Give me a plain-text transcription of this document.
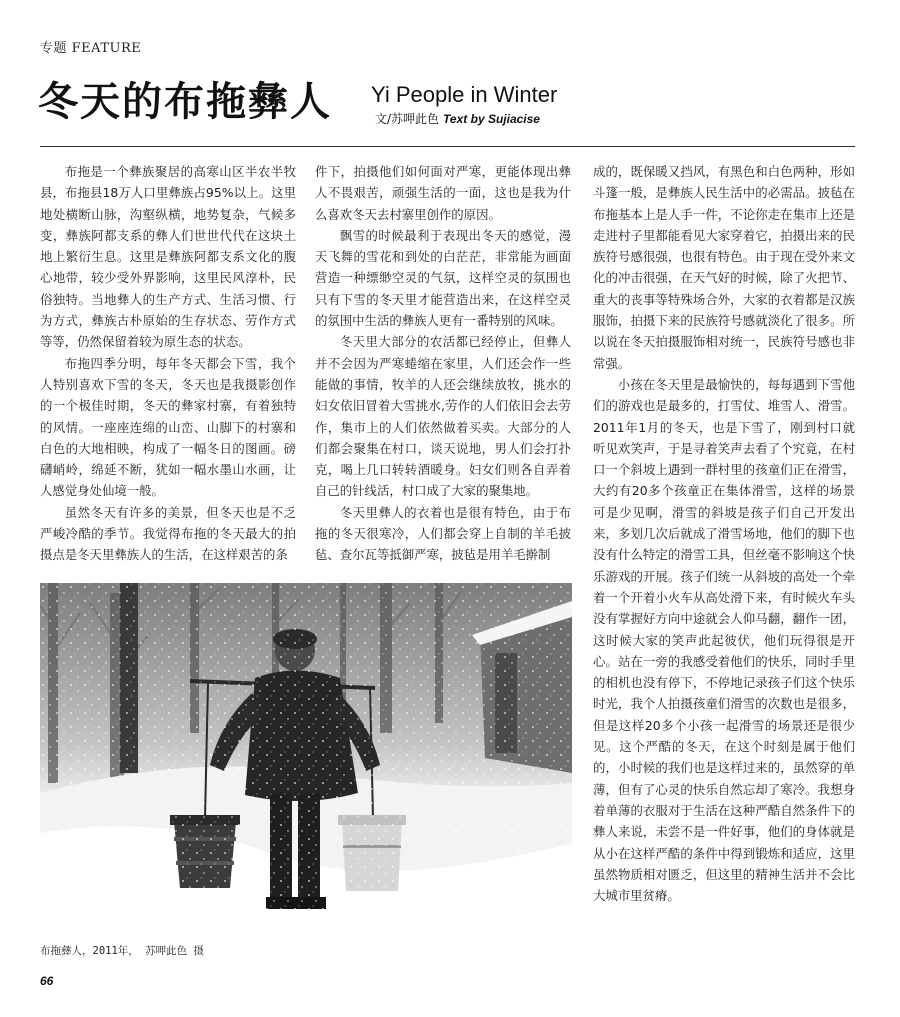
专题 FEATURE
冬天的布拖彝人 Yi People in Winter
文/苏呷此色 Text by Sujiacise

布拖是一个彝族聚居的高寒山区半农半牧县，布拖县18万人口里彝族占95%以上。这里地处横断山脉，沟壑纵横，地势复杂，气候多变，彝族阿都支系的彝人们世世代代在这块土地上繁衍生息。这里是彝族阿都支系文化的腹心地带，较少受外界影响，这里民风淳朴，民俗独特。当地彝人的生产方式、生活习惯、行为方式，彝族古朴原始的生存状态、劳作方式等等，仍然保留着较为原生态的状态。

布拖四季分明，每年冬天都会下雪，我个人特别喜欢下雪的冬天，冬天也是我摄影创作的一个极佳时期，冬天的彝家村寨，有着独特的风情。一座座连绵的山峦、山脚下的村寨和白色的大地相映，构成了一幅冬日的图画。磅礴峭岭，绵延不断，犹如一幅水墨山水画，让人感觉身处仙境一般。

虽然冬天有许多的美景，但冬天也是不乏严峻冷酷的季节。我觉得布拖的冬天最大的拍摄点是冬天里彝族人的生活，在这样艰苦的条

件下，拍摄他们如何面对严寒，更能体现出彝人不畏艰苦，顽强生活的一面，这也是我为什么喜欢冬天去村寨里创作的原因。

飘雪的时候最利于表现出冬天的感觉，漫天飞舞的雪花和到处的白茫茫，非常能为画面营造一种缥缈空灵的气氛，这样空灵的氛围也只有下雪的冬天里才能营造出来，在这样空灵的氛围中生活的彝族人更有一番特别的风味。

冬天里大部分的农活都已经停止，但彝人并不会因为严寒蜷缩在家里，人们还会作一些能做的事情，牧羊的人还会继续放牧，挑水的妇女依旧冒着大雪挑水,劳作的人们依旧会去劳作，集市上的人们依然做着买卖。大部分的人们都会聚集在村口，谈天说地，男人们会打扑克，喝上几口转转酒暖身。妇女们则各自弄着自己的针线活，村口成了大家的聚集地。

冬天里彝人的衣着也是很有特色，由于布拖的冬天很寒冷，人们都会穿上自制的羊毛披毡、查尔瓦等抵御严寒，披毡是用羊毛擀制

成的，既保暖又挡风，有黑色和白色两种，形如斗篷一般，是彝族人民生活中的必需品。披毡在布拖基本上是人手一件，不论你走在集市上还是走进村子里都能看见大家穿着它，拍摄出来的民族符号感很强，也很有特色。由于现在受外来文化的冲击很强，在天气好的时候，除了火把节、重大的丧事等特殊场合外，大家的衣着都是汉族服饰，拍摄下来的民族符号感就淡化了很多。所以说在冬天拍摄服饰相对统一，民族符号感也非常强。

小孩在冬天里是最愉快的，每每遇到下雪他们的游戏也是最多的，打雪仗、堆雪人、滑雪。2011年1月的冬天，也是下雪了，刚到村口就听见欢笑声，于是寻着笑声去看了个究竟，在村口一个斜坡上遇到一群村里的孩童们正在滑雪，大约有20多个孩童正在集体滑雪，这样的场景可是少见啊，滑雪的斜坡是孩子们自己开发出来，多划几次后就成了滑雪场地，他们的脚下也没有什么特定的滑雪工具，但丝毫不影响这个快乐游戏的开展。孩子们统一从斜坡的高处一个牵着一个开着小火车从高处滑下来，有时候火车头没有掌握好方向中途就会人仰马翻，翻作一团，这时候大家的笑声此起彼伏，他们玩得很是开心。站在一旁的我感受着他们的快乐，同时手里的相机也没有停下，不停地记录孩子们这个快乐时光，我个人拍摄孩童们滑雪的次数也是很多，但是这样20多个小孩一起滑雪的场景还是很少见。这个严酷的冬天，在这个时刻是属于他们的，小时候的我们也是这样过来的，虽然穿的单薄，但有了心灵的快乐自然忘却了寒冷。我想身着单薄的衣服对于生活在这种严酷自然条件下的彝人来说，未尝不是一件好事，他们的身体就是从小在这样严酷的条件中得到锻炼和适应，这里虽然物质相对匮乏，但这里的精神生活并不会比大城市里贫瘠。

布拖彝人，2011年， 苏呷此色 摄
66
